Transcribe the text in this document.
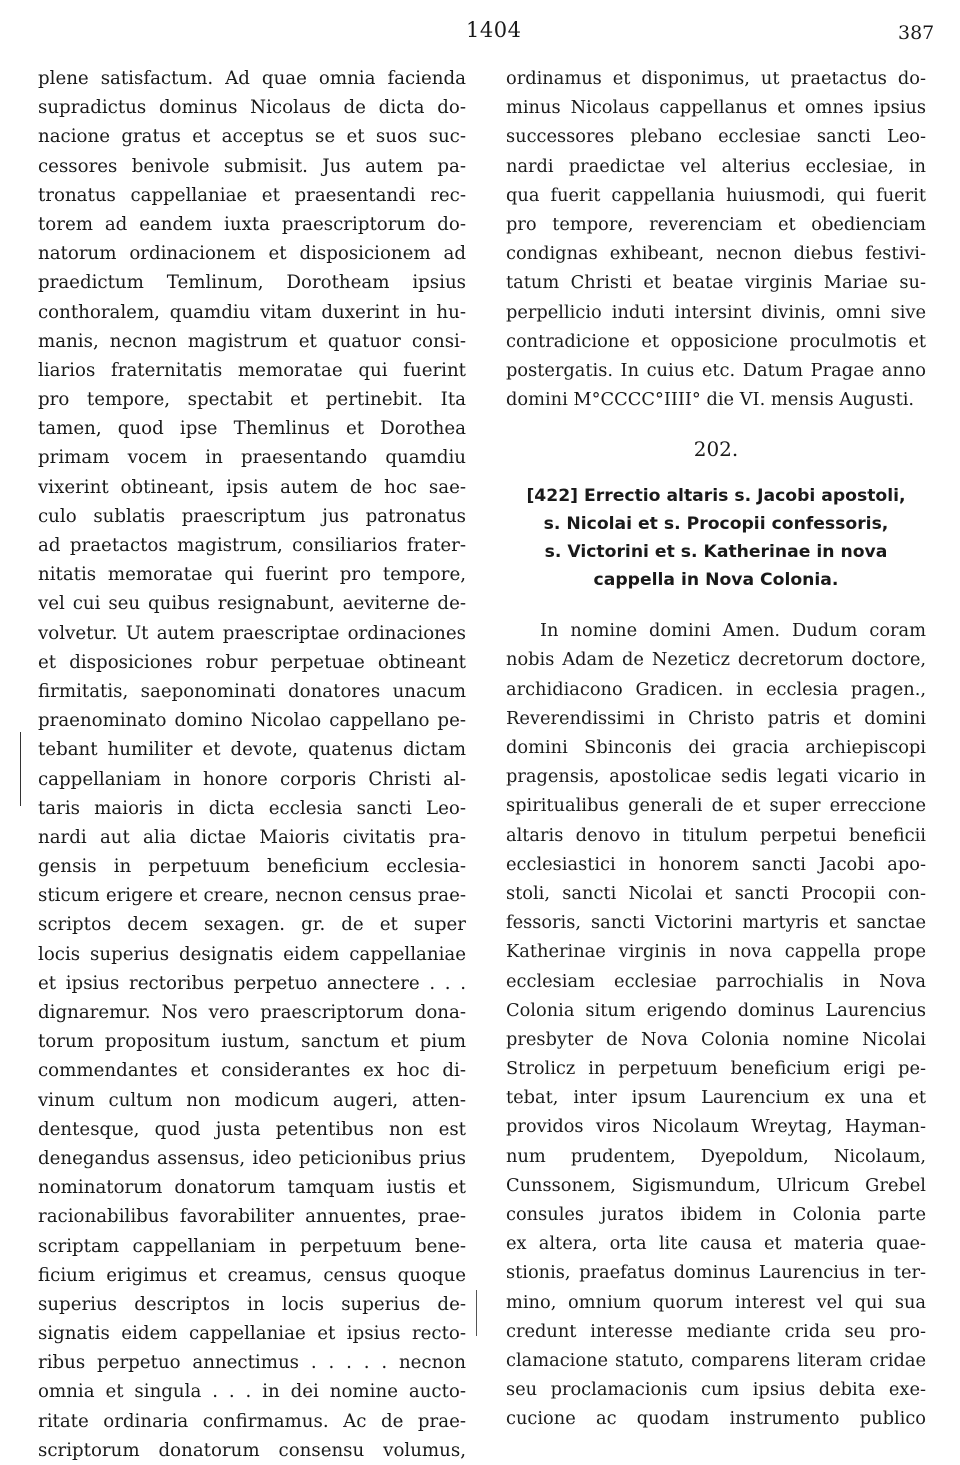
1404	387
plene satisfactum. Ad quae omnia facienda
supradictus dominus Nicolaus de dicta do-
nacione gratus et acceptus se et suos suc-
cessores benivole submisit. Jus autem pa-
tronatus cappellaniae et praesentandi rec-
torem ad eandem iuxta praescriptorum do-
natorum ordinacionem et disposicionem ad
praedictum Temlinum, Dorotheam ipsius
conthoralem, quamdiu vitam duxerint in hu-
manis, necnon magistrum et quatuor consi-
liarios fraternitatis memoratae qui fuerint
pro tempore, spectabit et pertinebit. Ita
tamen, quod ipse Themlinus et Dorothea
primam vocem in praesentando quamdiu
vixerint obtineant, ipsis autem de hoc sae-
culo sublatis praescriptum jus patronatus
ad praetactos magistrum, consiliarios frater-
nitatis memoratae qui fuerint pro tempore,
vel cui seu quibus resignabunt, aeviterne de-
volvetur. Ut autem praescriptae ordinaciones
et disposiciones robur perpetuae obtineant
firmitatis, saeponominati donatores unacum
praenominato domino Nicolao cappellano pe-
tebant humiliter et devote, quatenus dictam
cappellaniam in honore corporis Christi al-
taris maioris in dicta ecclesia sancti Leo-
nardi aut alia dictae Maioris civitatis pra-
gensis in perpetuum beneficium ecclesia-
sticum erigere et creare, necnon census prae-
scriptos decem sexagen. gr. de et super
locis superius designatis eidem cappellaniae
et ipsius rectoribus perpetuo annectere . . .
dignaremur. Nos vero praescriptorum dona-
torum propositum iustum, sanctum et pium
commendantes et considerantes ex hoc di-
vinum cultum non modicum augeri, atten-
dentesque, quod justa petentibus non est
denegandus assensus, ideo peticionibus prius
nominatorum donatorum tamquam iustis et
racionabilibus favorabiliter annuentes, prae-
scriptam cappellaniam in perpetuum bene-
ficium erigimus et creamus, census quoque
superius descriptos in locis superius de-
signatis eidem cappellaniae et ipsius recto-
ribus perpetuo annectimus . . . . . necnon
omnia et singula . . . in dei nomine aucto-
ritate ordinaria confirmamus. Ac de prae-
scriptorum donatorum consensu volumus,
ordinamus et disponimus, ut praetactus do-
minus Nicolaus cappellanus et omnes ipsius
successores plebano ecclesiae sancti Leo-
nardi praedictae vel alterius ecclesiae, in
qua fuerit cappellania huiusmodi, qui fuerit
pro tempore, reverenciam et obedienciam
condignas exhibeant, necnon diebus festivi-
tatum Christi et beatae virginis Mariae su-
perpellicio induti intersint divinis, omni sive
contradicione et opposicione proculmotis et
postergatis. In cuius etc. Datum Pragae anno
domini M°CCCC°IIII° die VI. mensis Augusti.
202.
[422] Errectio altaris s. Jacobi apostoli,
s. Nicolai et s. Procopii confessoris,
s. Victorini et s. Katherinae in nova
cappella in Nova Colonia.
In nomine domini Amen. Dudum coram
nobis Adam de Nezeticz decretorum doctore,
archidiacono Gradicen. in ecclesia pragen.,
Reverendissimi in Christo patris et domini
domini Sbinconis dei gracia archiepiscopi
pragensis, apostolicae sedis legati vicario in
spiritualibus generali de et super erreccione
altaris denovo in titulum perpetui beneficii
ecclesiastici in honorem sancti Jacobi apo-
stoli, sancti Nicolai et sancti Procopii con-
fessoris, sancti Victorini martyris et sanctae
Katherinae virginis in nova cappella prope
ecclesiam ecclesiae parrochialis in Nova
Colonia situm erigendo dominus Laurencius
presbyter de Nova Colonia nomine Nicolai
Strolicz in perpetuum beneficium erigi pe-
tebat, inter ipsum Laurencium ex una et
providos viros Nicolaum Wreytag, Hayman-
num prudentem, Dyepoldum, Nicolaum,
Cunssonem, Sigismundum, Ulricum Grebel
consules juratos ibidem in Colonia parte
ex altera, orta lite causa et materia quae-
stionis, praefatus dominus Laurencius in ter-
mino, omnium quorum interest vel qui sua
credunt interesse mediante crida seu pro-
clamacione statuto, comparens literam cridae
seu proclamacionis cum ipsius debita exe-
cucione ac quodam instrumento publico
